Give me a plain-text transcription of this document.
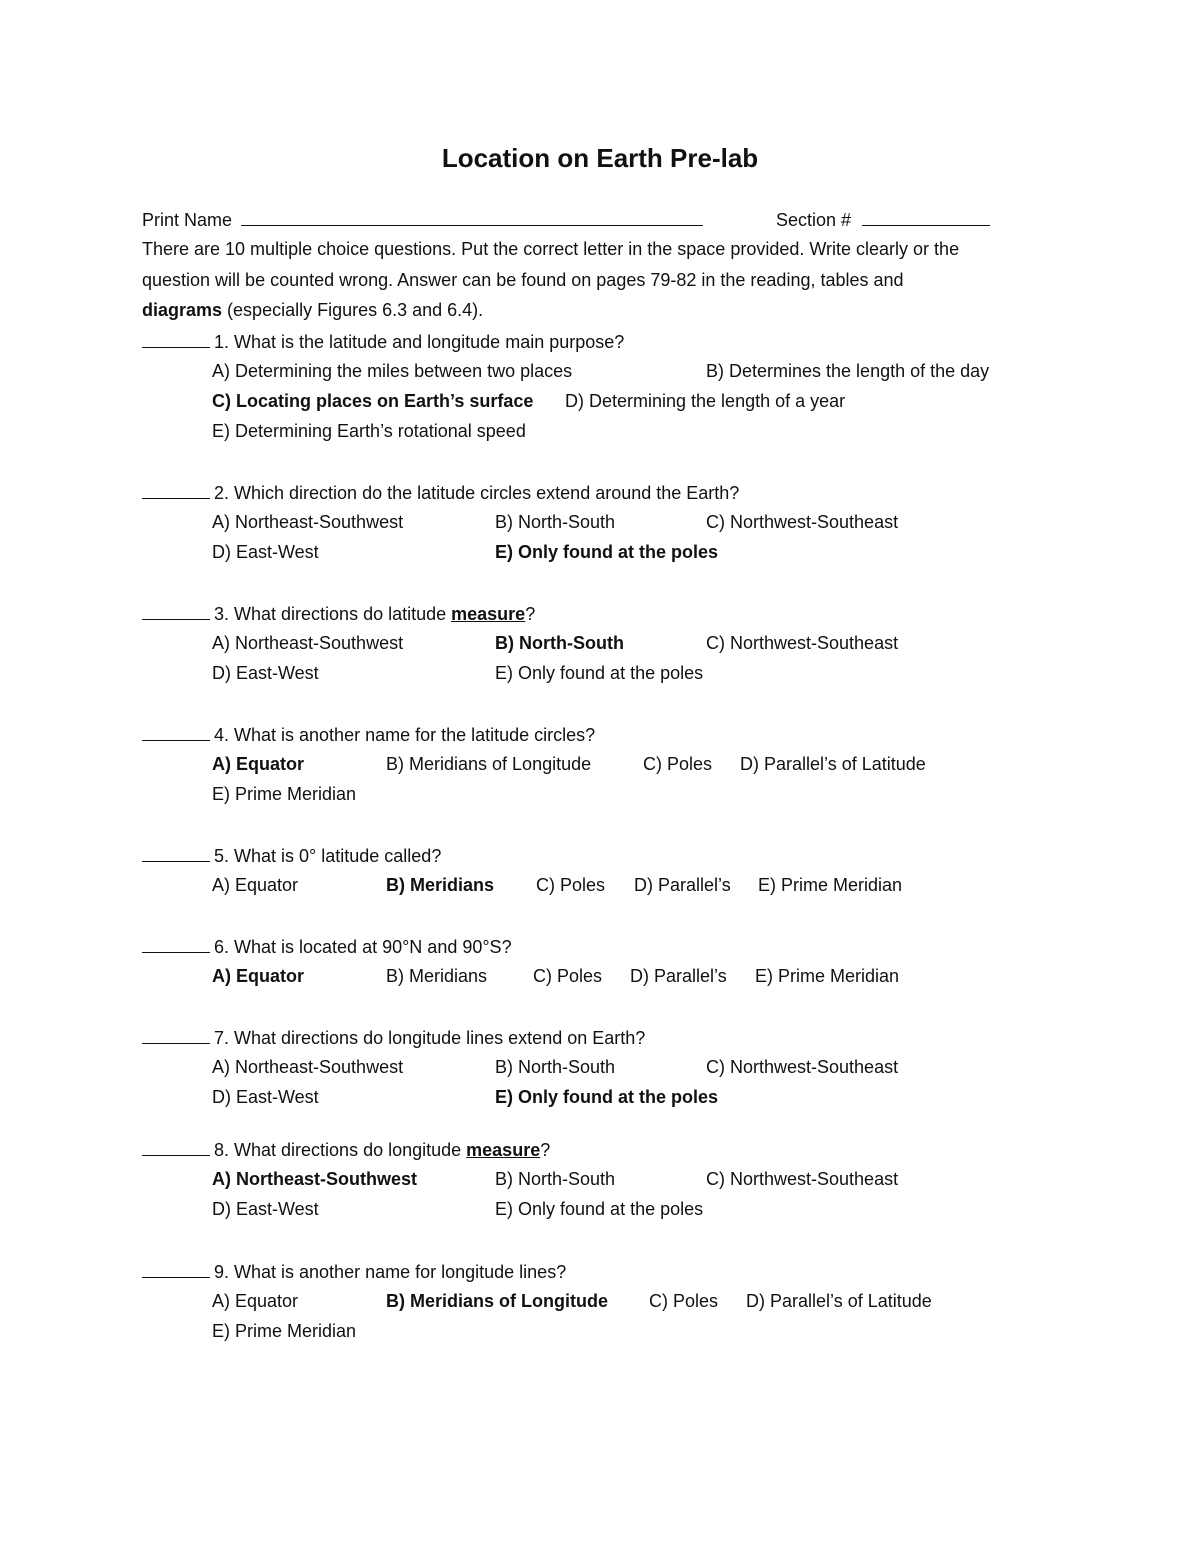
Location on Earth Pre-lab
Print Name	Section #
There are 10 multiple choice questions. Put the correct letter in the space provided. Write clearly or the
question will be counted wrong. Answer can be found on pages 79-82 in the reading, tables and
diagrams (especially Figures 6.3 and 6.4).
1. What is the latitude and longitude main purpose?
A) Determining the miles between two places	B) Determines the length of the day
C) Locating places on Earth’s surface D) Determining the length of a year
E) Determining Earth’s rotational speed
2. Which direction do the latitude circles extend around the Earth?
A) Northeast-Southwest	B) North-South	C) Northwest-Southeast
D) East-West	E) Only found at the poles
3. What directions do latitude measure?
A) Northeast-Southwest	B) North-South	C) Northwest-Southeast
D) East-West	E) Only found at the poles
4. What is another name for the latitude circles?
A) Equator	B) Meridians of Longitude	C) Poles D) Parallel’s of Latitude
E) Prime Meridian
5. What is 0° latitude called?
A) Equator	B) Meridians C) Poles D) Parallel’s E) Prime Meridian
6. What is located at 90°N and 90°S?
A) Equator	B) Meridians	C) Poles D) Parallel’s E) Prime Meridian
7. What directions do longitude lines extend on Earth?
A) Northeast-Southwest	B) North-South	C) Northwest-Southeast
D) East-West	E) Only found at the poles
8. What directions do longitude measure?
A) Northeast-Southwest	B) North-South	C) Northwest-Southeast
D) East-West	E) Only found at the poles
9. What is another name for longitude lines?
A) Equator	B) Meridians of Longitude C) Poles D) Parallel’s of Latitude
E) Prime Meridian
